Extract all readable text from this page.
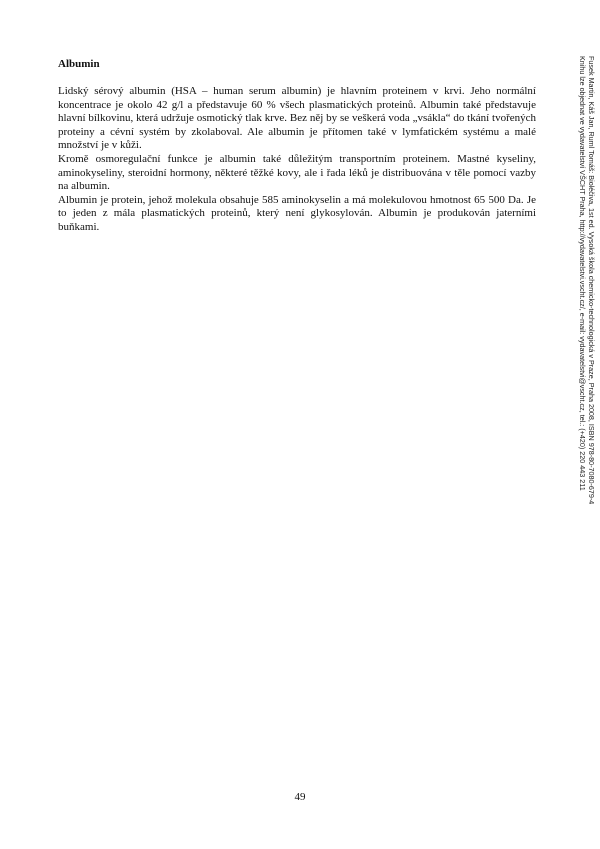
Albumin

Lidský sérový albumin (HSA – human serum albumin) je hlavním proteinem v krvi. Jeho normální koncentrace je okolo 42 g/l a představuje 60 % všech plasmatických proteinů. Albumin také představuje hlavní bílkovinu, která udržuje osmotický tlak krve. Bez něj by se veškerá voda „vsákla“ do tkání tvořených proteiny a cévní systém by zkolaboval. Ale albumin je přítomen také v lymfatickém systému a malé množství je v kůži.

Kromě osmoregulační funkce je albumin také důležitým transportním proteinem. Mastné kyseliny, aminokyseliny, steroidní hormony, některé těžké kovy, ale i řada léků je distribuována v těle pomocí vazby na albumin.

Albumin je protein, jehož molekula obsahuje 585 aminokyselin a má molekulovou hmotnost 65 500 Da. Je to jeden z mála plasmatických proteinů, který není glykosylován. Albumin je produkován jaterními buňkami.	Fusek Martin, Káš Jan, Ruml Tomáš: Bioléčiva, 1st ed. Vysoká škola chemicko-technologická v Praze, Praha 2008, ISBN 978-80-7080-679-4
Knihu lze objednat ve vydavatelství VŠCHT Praha, http://vydavatelstvi.vscht.cz/, e-mail: vydavatelstvi@vscht.cz, tel.: (+420) 220 443 211
49
